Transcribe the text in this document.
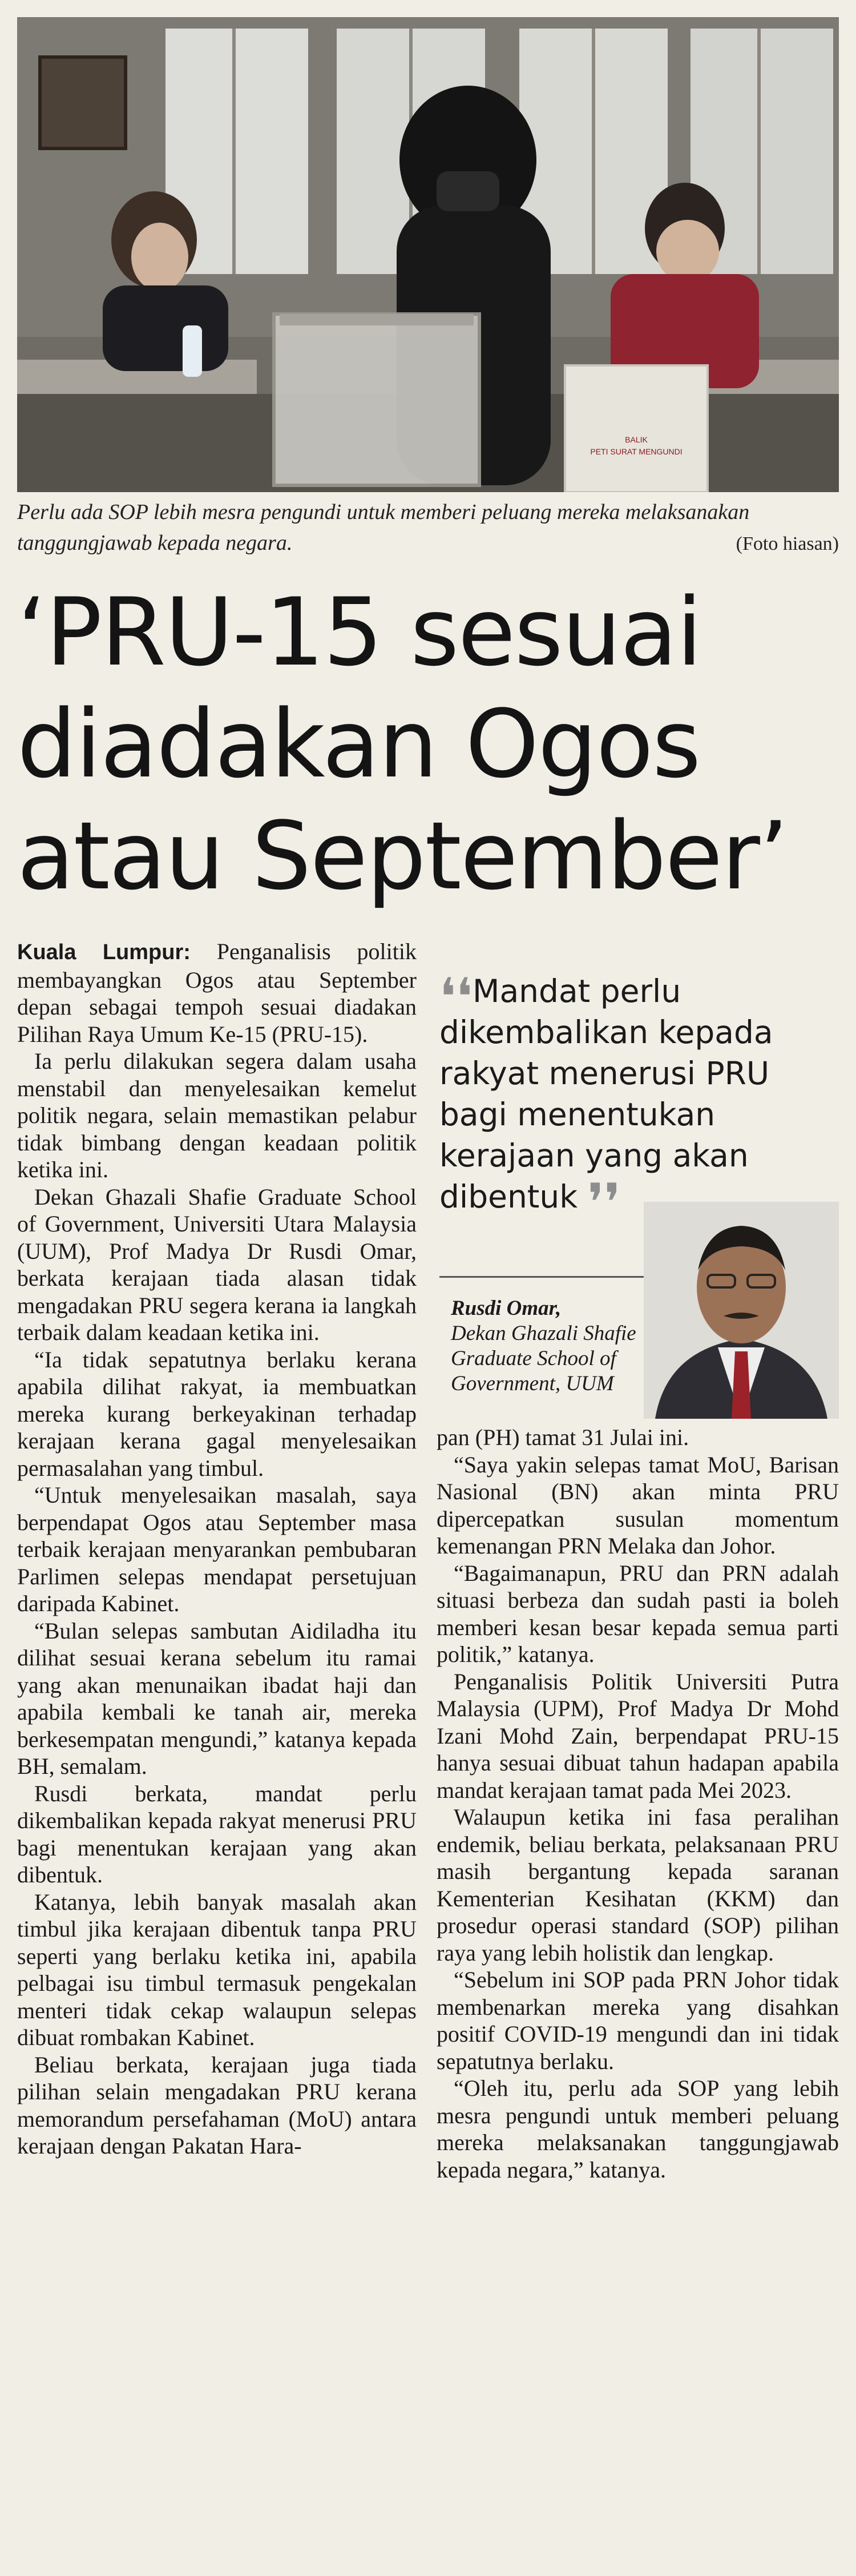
BALIK
PETI SURAT MENGUNDI
Perlu ada SOP lebih mesra pengundi untuk memberi peluang mereka melaksanakan tanggungjawab kepada negara.	(Foto hiasan)
‘PRU-15 sesuai
diadakan Ogos
atau September’

Kuala Lumpur: Penganalisis politik membayangkan Ogos atau September depan sebagai tempoh sesuai diadakan Pilihan Raya Umum Ke-15 (PRU-15).

Ia perlu dilakukan segera dalam usaha menstabil dan menyelesaikan kemelut politik negara, selain memastikan pelabur tidak bimbang dengan keadaan politik ketika ini.

Dekan Ghazali Shafie Graduate School of Government, Universiti Utara Malaysia (UUM), Prof Madya Dr Rusdi Omar, berkata kerajaan tiada alasan tidak mengadakan PRU segera kerana ia langkah terbaik dalam keadaan ketika ini.

“Ia tidak sepatutnya berlaku kerana apabila dilihat rakyat, ia membuatkan mereka kurang berkeyakinan terhadap kerajaan kerana gagal menyelesaikan permasalahan yang timbul.

“Untuk menyelesaikan masalah, saya berpendapat Ogos atau September masa terbaik kerajaan menyarankan pembubaran Parlimen selepas mendapat persetujuan daripada Kabinet.

“Bulan selepas sambutan Aidiladha itu dilihat sesuai kerana sebelum itu ramai yang akan menunaikan ibadat haji dan apabila kembali ke tanah air, mereka berkesempatan mengundi,” katanya kepada BH, semalam.

Rusdi berkata, mandat perlu dikembalikan kepada rakyat menerusi PRU bagi menentukan kerajaan yang akan dibentuk.

Katanya, lebih banyak masalah akan timbul jika kerajaan dibentuk tanpa PRU seperti yang berlaku ketika ini, apabila pelbagai isu timbul termasuk pengekalan menteri tidak cekap walaupun selepas dibuat rombakan Kabinet.

Beliau berkata, kerajaan juga tiada pilihan selain mengadakan PRU kerana memorandum persefahaman (MoU) antara kerajaan dengan Pakatan Hara-

❛❛Mandat perlu dikembalikan kepada rakyat menerusi PRU bagi menentukan kerajaan yang akan dibentuk ❜❜
Rusdi Omar,
Dekan Ghazali Shafie Graduate School of Government, UUM

pan (PH) tamat 31 Julai ini.

“Saya yakin selepas tamat MoU, Barisan Nasional (BN) akan minta PRU dipercepatkan susulan momentum kemenangan PRN Melaka dan Johor.

“Bagaimanapun, PRU dan PRN adalah situasi berbeza dan sudah pasti ia boleh memberi kesan besar kepada semua parti politik,” katanya.

Penganalisis Politik Universiti Putra Malaysia (UPM), Prof Madya Dr Mohd Izani Mohd Zain, berpendapat PRU-15 hanya sesuai dibuat tahun hadapan apabila mandat kerajaan tamat pada Mei 2023.

Walaupun ketika ini fasa peralihan endemik, beliau berkata, pelaksanaan PRU masih bergantung kepada saranan Kementerian Kesihatan (KKM) dan prosedur operasi standard (SOP) pilihan raya yang lebih holistik dan lengkap.

“Sebelum ini SOP pada PRN Johor tidak membenarkan mereka yang disahkan positif COVID-19 mengundi dan ini tidak sepatutnya berlaku.

“Oleh itu, perlu ada SOP yang lebih mesra pengundi untuk memberi peluang mereka melaksanakan tanggungjawab kepada negara,” katanya.
